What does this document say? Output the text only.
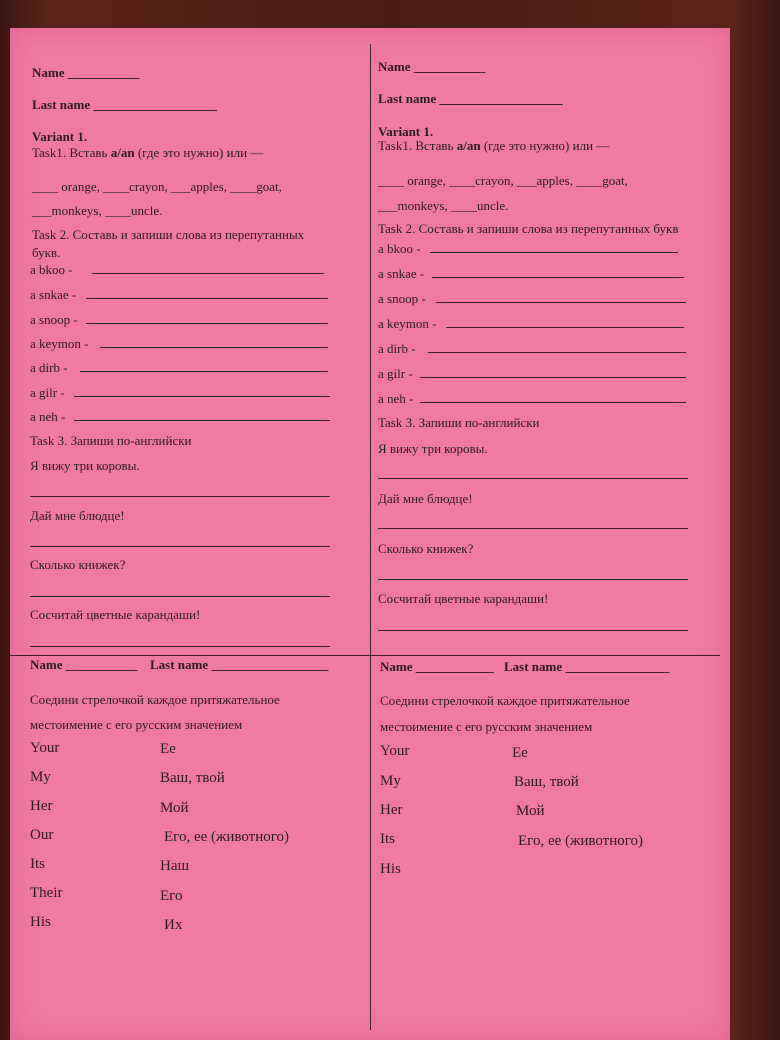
Name ___________
Last name ___________________
Variant 1.
Task1. Вставь a/an (где это нужно) или —
____ orange, ____crayon, ___apples, ____goat,
___monkeys, ____uncle.
Task 2. Составь и запиши слова из перепутанных
букв.
a bkoo -
a snkae -
a snoop -
a keymon -
a dirb -
a gilr -
a neh -
Task 3. Запиши по-английски
Я вижу три коровы.
Дай мне блюдце!
Сколько книжек?
Сосчитай цветные карандаши!
Name ___________
Last name ___________________
Variant 1.
Task1. Вставь a/an (где это нужно) или —
____ orange, ____crayon, ___apples, ____goat,
___monkeys, ____uncle.
Task 2. Составь и запиши слова из перепутанных букв
a bkoo -
a snkae -
a snoop -
a keymon -
a dirb -
a gilr -
a neh -
Task 3. Запиши по-английски
Я вижу три коровы.
Дай мне блюдце!
Сколько книжек?
Сосчитай цветные карандаши!
Name ___________ Last name __________________
Соедини стрелочкой каждое притяжательное
местоимение с его русским значением
Your
My
Her
Our
Its
Their
His
Ее
Ваш, твой
Мой
Его, ее (животного)
Наш
Его
Их
Name ____________ Last name ________________
Соедини стрелочкой каждое притяжательное
местоимение с его русским значением
Your
My
Her
Its
His
Ее
Ваш, твой
Мой
Его, ее (животного)
